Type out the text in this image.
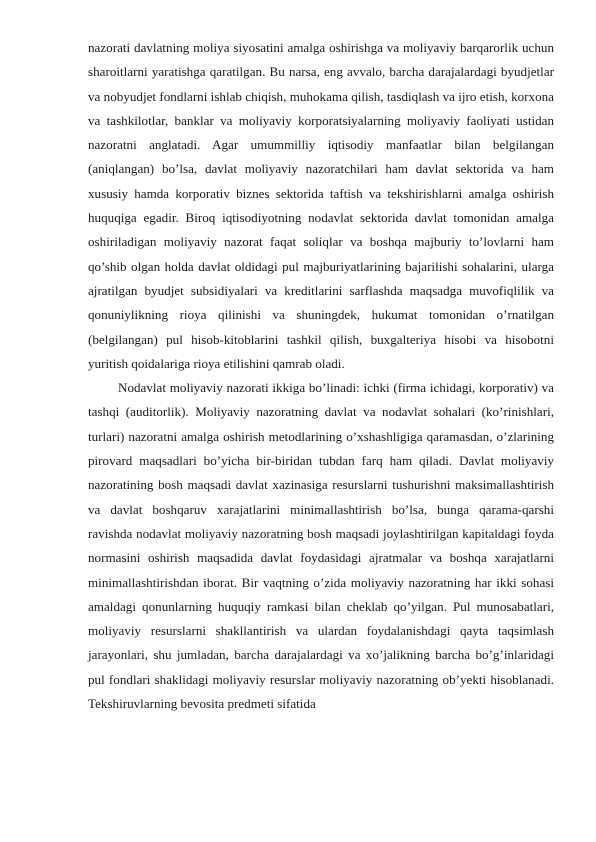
nazorati davlatning moliya siyosatini amalga oshirishga va moliyaviy barqarorlik uchun sharoitlarni yaratishga qaratilgan. Bu narsa, eng avvalo, barcha darajalardagi byudjetlar va nobyudjet fondlarni ishlab chiqish, muhokama qilish, tasdiqlash va ijro etish, korxona va tashkilotlar, banklar va moliyaviy korporatsiyalarning moliyaviy faoliyati ustidan nazoratni anglatadi. Agar umummilliy iqtisodiy manfaatlar bilan belgilangan (aniqlangan) bo’lsa, davlat moliyaviy nazoratchilari ham davlat sektorida va ham xususiy hamda korporativ biznes sektorida taftish va tekshirishlarni amalga oshirish huquqiga egadir. Biroq iqtisodiyotning nodavlat sektorida davlat tomonidan amalga oshiriladigan moliyaviy nazorat faqat soliqlar va boshqa majburiy to’lovlarni ham qo’shib olgan holda davlat oldidagi pul majburiyatlarining bajarilishi sohalarini, ularga ajratilgan byudjet subsidiyalari va kreditlarini sarflashda maqsadga muvofiqlilik va qonuniylikning rioya qilinishi va shuningdek, hukumat tomonidan o’rnatilgan (belgilangan) pul hisob-kitoblarini tashkil qilish, buxgalteriya hisobi va hisobotni yuritish qoidalariga rioya etilishini qamrab oladi.

Nodavlat moliyaviy nazorati ikkiga bo’linadi: ichki (firma ichidagi, korporativ) va tashqi (auditorlik). Moliyaviy nazoratning davlat va nodavlat sohalari (ko’rinishlari, turlari) nazoratni amalga oshirish metodlarining o’xshashligiga qaramasdan, o’zlarining pirovard maqsadlari bo’yicha bir-biridan tubdan farq ham qiladi. Davlat moliyaviy nazoratining bosh maqsadi davlat xazinasiga resurslarni tushurishni maksimallashtirish va davlat boshqaruv xarajatlarini minimallashtirish bo’lsa, bunga qarama-qarshi ravishda nodavlat moliyaviy nazoratning bosh maqsadi joylashtirilgan kapitaldagi foyda normasini oshirish maqsadida davlat foydasidagi ajratmalar va boshqa xarajatlarni minimallashtirishdan iborat. Bir vaqtning o’zida moliyaviy nazoratning har ikki sohasi amaldagi qonunlarning huquqiy ramkasi bilan cheklab qo’yilgan. Pul munosabatlari, moliyaviy resurslarni shakllantirish va ulardan foydalanishdagi qayta taqsimlash jarayonlari, shu jumladan, barcha darajalardagi va xo’jalikning barcha bo’g’inlaridagi pul fondlari shaklidagi moliyaviy resurslar moliyaviy nazoratning ob’yekti hisoblanadi. Tekshiruvlarning bevosita predmeti sifatida
